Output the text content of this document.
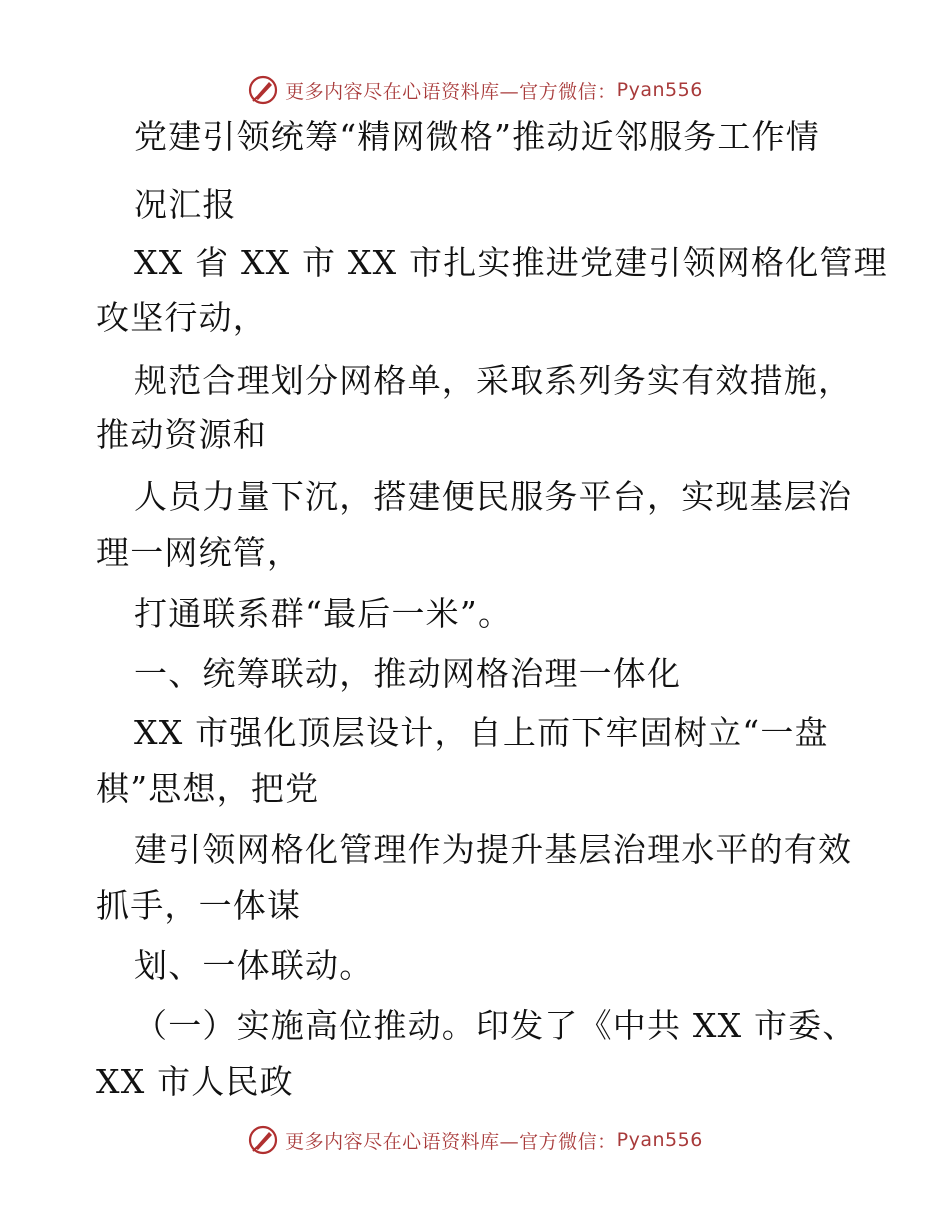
更多内容尽在心语资料库—官方微信： Pyan556
党建引领统筹“精网微格”推动近邻服务工作情
况汇报
XX 省 XX 市 XX 市扎实推进党建引领网格化管理
攻坚行动，
规范合理划分网格单，采取系列务实有效措施，
推动资源和
人员力量下沉，搭建便民服务平台，实现基层治
理一网统管，
打通联系群“最后一米”。
一、统筹联动，推动网格治理一体化
XX 市强化顶层设计，自上而下牢固树立“一盘
棋”思想，把党
建引领网格化管理作为提升基层治理水平的有效
抓手，一体谋
划、一体联动。
（一）实施高位推动。印发了《中共 XX 市委、
XX 市人民政
更多内容尽在心语资料库—官方微信： Pyan556
